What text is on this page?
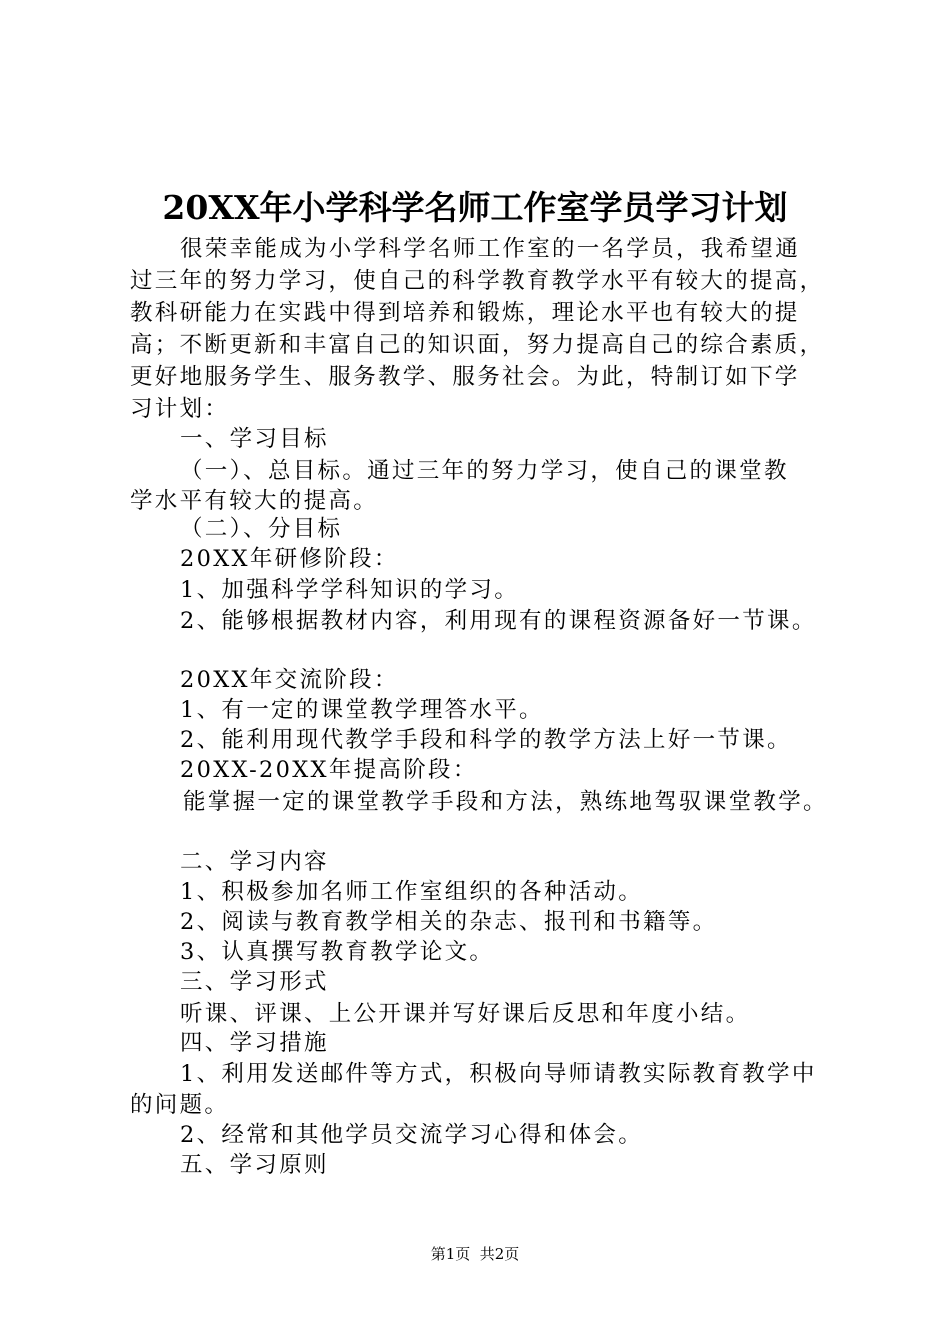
20XX年小学科学名师工作室学员学习计划
很荣幸能成为小学科学名师工作室的一名学员，我希望通
过三年的努力学习，使自己的科学教育教学水平有较大的提高，
教科研能力在实践中得到培养和锻炼，理论水平也有较大的提
高；不断更新和丰富自己的知识面，努力提高自己的综合素质，
更好地服务学生、服务教学、服务社会。为此，特制订如下学
习计划：
一、学习目标
（一）、总目标。通过三年的努力学习，使自己的课堂教
学水平有较大的提高。
（二）、分目标
20XX年研修阶段：
1、加强科学学科知识的学习。
2、能够根据教材内容，利用现有的课程资源备好一节课。
20XX年交流阶段：
1、有一定的课堂教学理答水平。
2、能利用现代教学手段和科学的教学方法上好一节课。
20XX-20XX年提高阶段：
能掌握一定的课堂教学手段和方法，熟练地驾驭课堂教学。
二、学习内容
1、积极参加名师工作室组织的各种活动。
2、阅读与教育教学相关的杂志、报刊和书籍等。
3、认真撰写教育教学论文。
三、学习形式
听课、评课、上公开课并写好课后反思和年度小结。
四、学习措施
1、利用发送邮件等方式，积极向导师请教实际教育教学中
的问题。
2、经常和其他学员交流学习心得和体会。
五、学习原则
第1页  共2页
